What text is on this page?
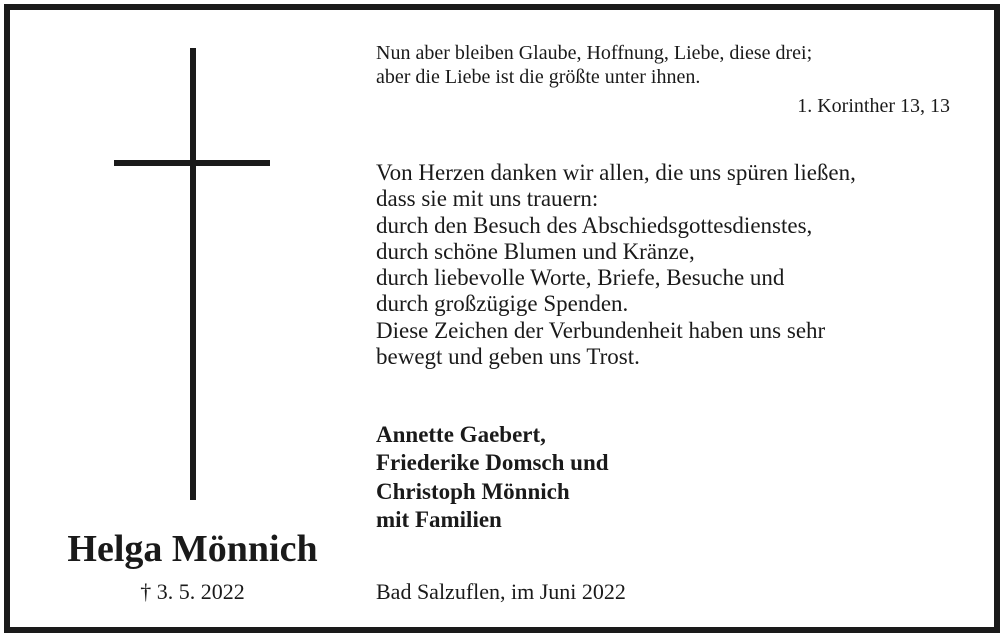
Helga Mönnich
† 3. 5. 2022
Nun aber bleiben Glaube, Hoffnung, Liebe, diese drei;
aber die Liebe ist die größte unter ihnen.
1. Korinther 13, 13
Von Herzen danken wir allen, die uns spüren ließen,
dass sie mit uns trauern:
durch den Besuch des Abschiedsgottesdienstes,
durch schöne Blumen und Kränze,
durch liebevolle Worte, Briefe, Besuche und
durch großzügige Spenden.
Diese Zeichen der Verbundenheit haben uns sehr
bewegt und geben uns Trost.
Annette Gaebert,
Friederike Domsch und
Christoph Mönnich
mit Familien
Bad Salzuflen, im Juni 2022
